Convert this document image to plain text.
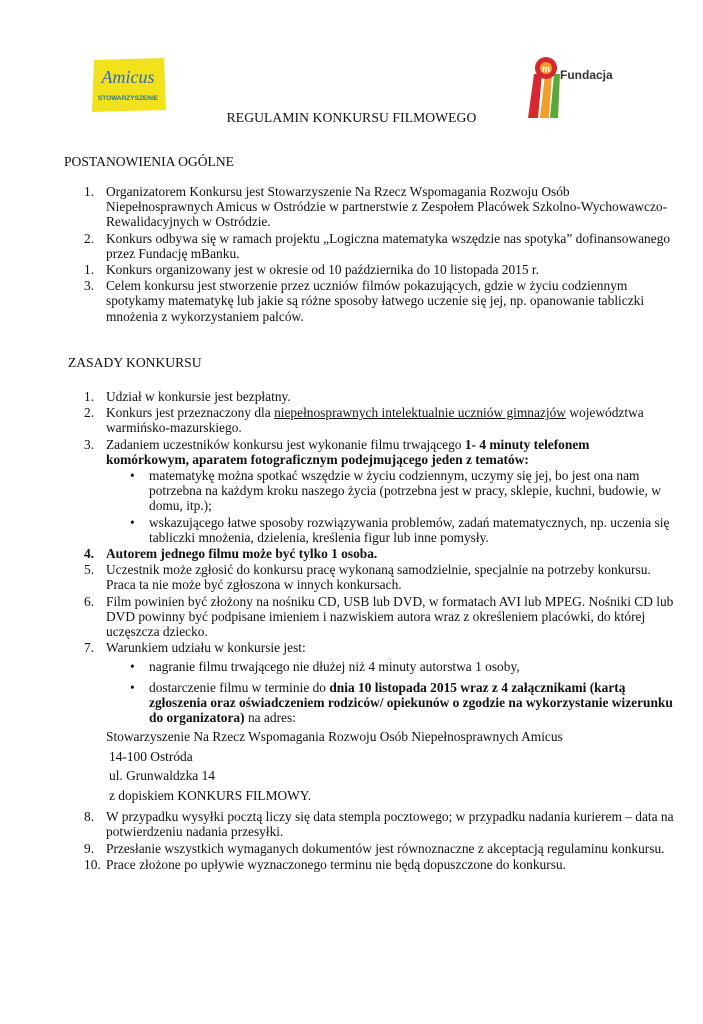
Amicus
STOWARZYSZENIE
m Fundacja
REGULAMIN KONKURSU FILMOWEGO
POSTANOWIENIA OGÓLNE
1. Organizatorem Konkursu jest Stowarzyszenie Na Rzecz Wspomagania Rozwoju Osób Niepełnosprawnych Amicus w Ostródzie w partnerstwie z Zespołem Placówek Szkolno-Wychowawczo-Rewalidacyjnych w Ostródzie.
2. Konkurs odbywa się w ramach projektu „Logiczna matematyka wszędzie nas spotyka” dofinansowanego przez Fundację mBanku.
1. Konkurs organizowany jest w okresie od 10 października do 10 listopada 2015 r.
3. Celem konkursu jest stworzenie przez uczniów filmów pokazujących, gdzie w życiu codziennym spotykamy matematykę lub jakie są różne sposoby łatwego uczenie się jej, np. opanowanie tabliczki mnożenia z wykorzystaniem palców.
ZASADY KONKURSU
1. Udział w konkursie jest bezpłatny.
2. Konkurs jest przeznaczony dla niepełnosprawnych intelektualnie uczniów gimnazjów województwa warmińsko-mazurskiego.
3. Zadaniem uczestników konkursu jest wykonanie filmu trwającego 1- 4 minuty telefonem komórkowym, aparatem fotograficznym podejmującego jeden z tematów:
• matematykę można spotkać wszędzie w życiu codziennym, uczymy się jej, bo jest ona nam potrzebna na każdym kroku naszego życia (potrzebna jest w pracy, sklepie, kuchni, budowie, w domu, itp.);
• wskazującego łatwe sposoby rozwiązywania problemów, zadań matematycznych, np. uczenia się tabliczki mnożenia, dzielenia, kreślenia figur lub inne pomysły.
4. Autorem jednego filmu może być tylko 1 osoba.
5. Uczestnik może zgłosić do konkursu pracę wykonaną samodzielnie, specjalnie na potrzeby konkursu. Praca ta nie może być zgłoszona w innych konkursach.
6. Film powinien być złożony na nośniku CD, USB lub DVD, w formatach AVI lub MPEG. Nośniki CD lub DVD powinny być podpisane imieniem i nazwiskiem autora wraz z określeniem placówki, do której uczęszcza dziecko.
7. Warunkiem udziału w konkursie jest:
• nagranie filmu trwającego nie dłużej niż 4 minuty autorstwa 1 osoby,
• dostarczenie filmu w terminie do dnia 10 listopada 2015 wraz z 4 załącznikami (kartą zgłoszenia oraz oświadczeniem rodziców/ opiekunów o zgodzie na wykorzystanie wizerunku do organizatora) na adres:
Stowarzyszenie Na Rzecz Wspomagania Rozwoju Osób Niepełnosprawnych Amicus
14-100 Ostróda
ul. Grunwaldzka 14
z dopiskiem KONKURS FILMOWY.
8. W przypadku wysyłki pocztą liczy się data stempla pocztowego; w przypadku nadania kurierem – data na potwierdzeniu nadania przesyłki.
9. Przesłanie wszystkich wymaganych dokumentów jest równoznaczne z akceptacją regulaminu konkursu.
10. Prace złożone po upływie wyznaczonego terminu nie będą dopuszczone do konkursu.
